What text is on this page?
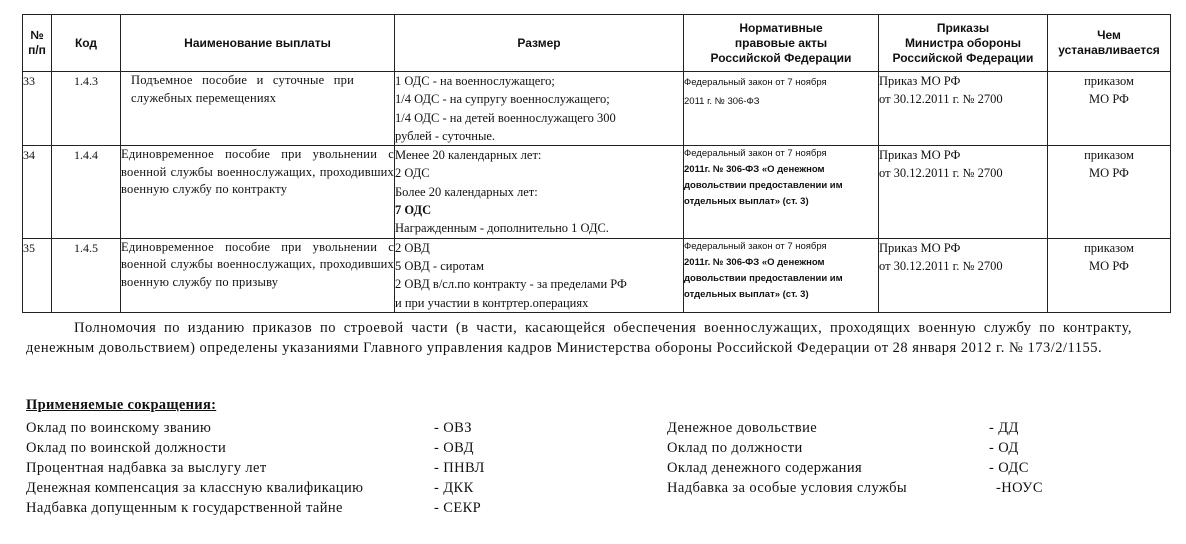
№
п/п	Код	Наименование выплаты	Размер	Нормативные
правовые акты
Российской Федерации	Приказы
Министра обороны
Российской Федерации	Чем
устанавливается

33	1.4.3	Подъемное пособие и суточные при служебных перемещениях	1 ОДС - на военнослужащего;
1/4 ОДС - на супругу военнослужащего;
1/4 ОДС - на детей военнослужащего 300
рублей - суточные.	Федеральный закон от 7 ноября
2011 г. № 306-ФЗ	Приказ МО РФ
от 30.12.2011 г. № 2700	приказом
МО РФ

34	1.4.4	Единовременное пособие при увольнении с военной службы военнослужащих, проходивших военную службу по контракту	Менее 20 календарных лет:
2 ОДС
Более 20 календарных лет:
7 ОДС
Награжденным - дополнительно 1 ОДС.	Федеральный закон от 7 ноября
2011г. № 306-ФЗ «О денежном
довольствии предоставлении им
отдельных выплат» (ст. 3)	Приказ МО РФ
от 30.12.2011 г. № 2700	приказом
МО РФ

35	1.4.5	Единовременное пособие при увольнении с военной службы военнослужащих, проходивших военную службу по призыву	2 ОВД
5 ОВД - сиротам
2 ОВД в/сл.по контракту - за пределами РФ
и при участии в контртер.операциях	Федеральный закон от 7 ноября
2011г. № 306-ФЗ «О денежном
довольствии предоставлении им
отдельных выплат» (ст. 3)	Приказ МО РФ
от 30.12.2011 г. № 2700	приказом
МО РФ
Полномочия по изданию приказов по строевой части (в части, касающейся обеспечения военнослужащих, проходящих военную службу по контракту, денежным довольствием) определены указаниями Главного управления кадров Министерства обороны Российской Федерации от 28 января 2012 г. № 173/2/1155.
Применяемые сокращения:
Оклад по воинскому званию	- ОВЗ
Оклад по воинской должности	- ОВД
Процентная надбавка за выслугу лет	- ПНВЛ
Денежная компенсация за классную квалификацию	- ДКК
Надбавка допущенным к государственной тайне	- СЕКР
Денежное довольствие	- ДД
Оклад по должности	- ОД
Оклад денежного содержания	- ОДС
Надбавка за особые условия службы	-НОУС
